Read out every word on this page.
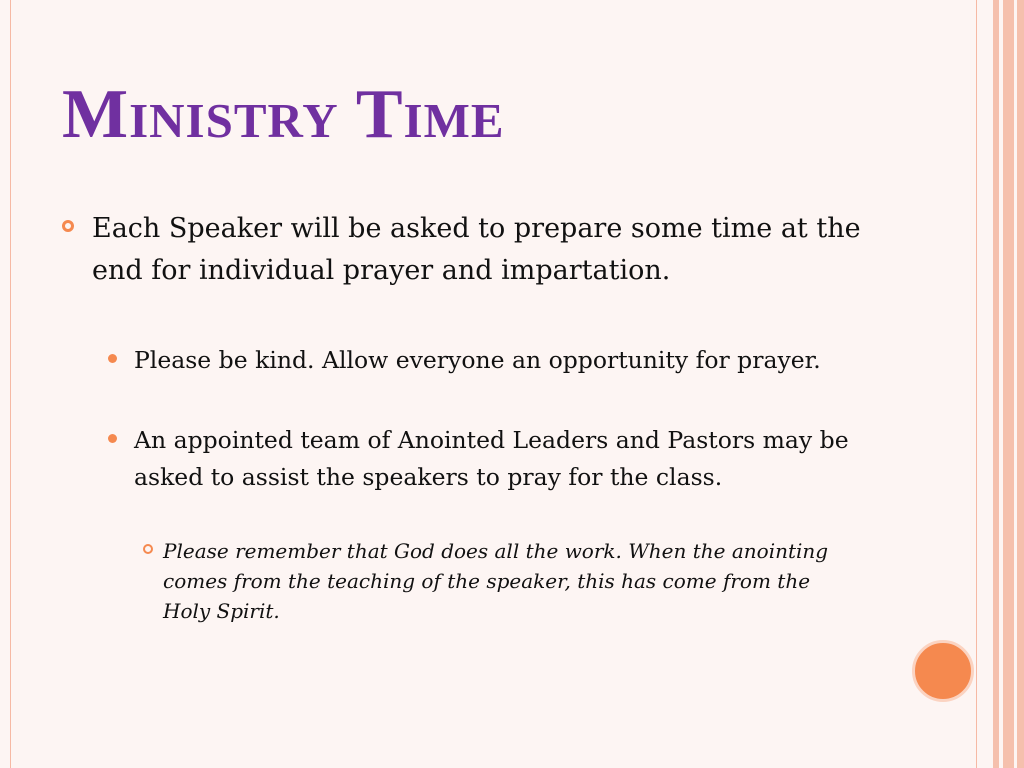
Ministry Time
Each Speaker will be asked to prepare some time at the end for individual prayer and impartation.
Please be kind. Allow everyone an opportunity for prayer.
An appointed team of Anointed Leaders and Pastors may be asked to assist the speakers to pray for the class.
Please remember that God does all the work. When the anointing comes from the teaching of the speaker, this has come from the Holy Spirit.
